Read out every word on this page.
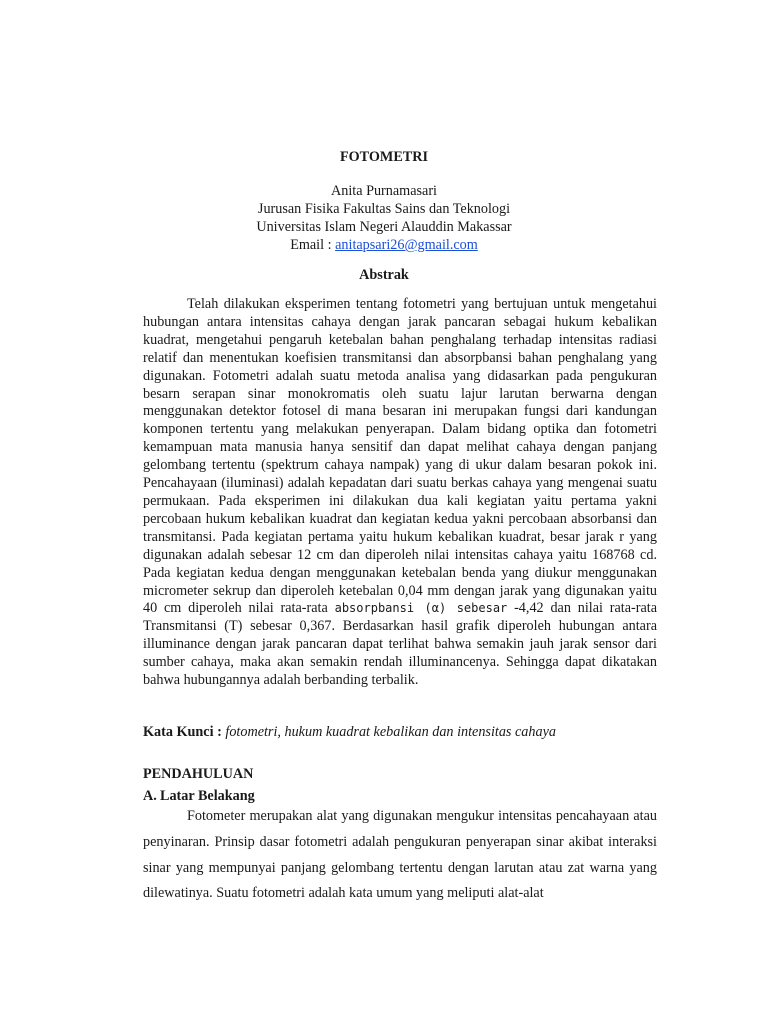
FOTOMETRI
Anita Purnamasari
Jurusan Fisika Fakultas Sains dan Teknologi
Universitas Islam Negeri Alauddin Makassar
Email : anitapsari26@gmail.com
Abstrak

Telah dilakukan eksperimen tentang fotometri yang bertujuan untuk mengetahui hubungan antara intensitas cahaya dengan jarak pancaran sebagai hukum kebalikan kuadrat, mengetahui pengaruh ketebalan bahan penghalang terhadap intensitas radiasi relatif dan menentukan koefisien transmitansi dan absorpbansi bahan penghalang yang digunakan. Fotometri adalah suatu metoda analisa yang didasarkan pada pengukuran besarn serapan sinar monokromatis oleh suatu lajur larutan berwarna dengan menggunakan detektor fotosel di mana besaran ini merupakan fungsi dari kandungan komponen tertentu yang melakukan penyerapan. Dalam bidang optika dan fotometri kemampuan mata manusia hanya sensitif dan dapat melihat cahaya dengan panjang gelombang tertentu (spektrum cahaya nampak) yang di ukur dalam besaran pokok ini. Pencahayaan (iluminasi) adalah kepadatan dari suatu berkas cahaya yang mengenai suatu permukaan. Pada eksperimen ini dilakukan dua kali kegiatan yaitu pertama yakni percobaan hukum kebalikan kuadrat dan kegiatan kedua yakni percobaan absorbansi dan transmitansi. Pada kegiatan pertama yaitu hukum kebalikan kuadrat, besar jarak r yang digunakan adalah sebesar 12 cm dan diperoleh nilai intensitas cahaya yaitu 168768 cd. Pada kegiatan kedua dengan menggunakan ketebalan benda yang diukur menggunakan micrometer sekrup dan diperoleh ketebalan 0,04 mm dengan jarak yang digunakan yaitu 40 cm diperoleh nilai rata-rata absorpbansi (α) sebesar -4,42 dan nilai rata-rata Transmitansi (T) sebesar 0,367. Berdasarkan hasil grafik diperoleh hubungan antara illuminance dengan jarak pancaran dapat terlihat bahwa semakin jauh jarak sensor dari sumber cahaya, maka akan semakin rendah illuminancenya. Sehingga dapat dikatakan bahwa hubungannya adalah berbanding terbalik.

Kata Kunci : fotometri, hukum kuadrat kebalikan dan intensitas cahaya

PENDAHULUAN
A. Latar Belakang

Fotometer merupakan alat yang digunakan mengukur intensitas pencahayaan atau penyinaran. Prinsip dasar fotometri adalah pengukuran penyerapan sinar akibat interaksi sinar yang mempunyai panjang gelombang tertentu dengan larutan atau zat warna yang dilewatinya. Suatu fotometri adalah kata umum yang meliputi alat-alat
